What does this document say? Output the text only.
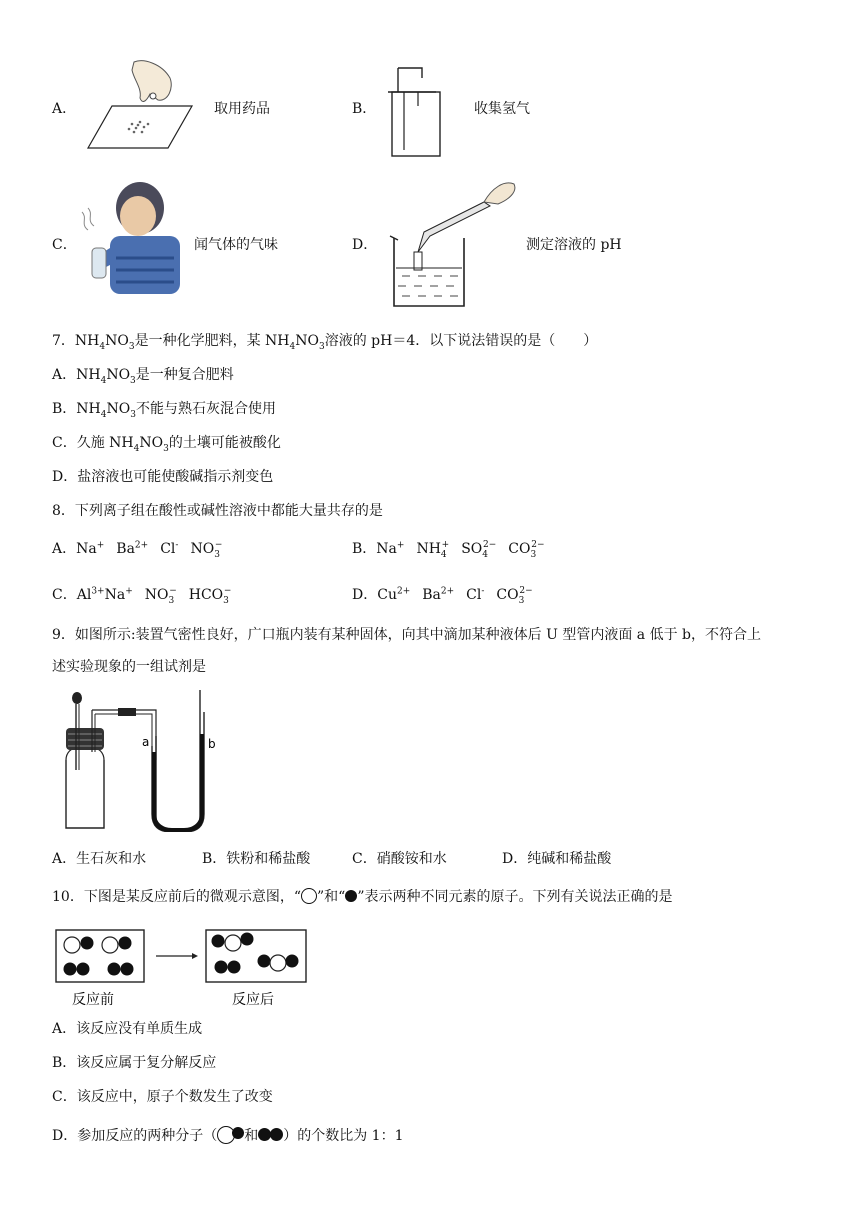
A．	取用药品	B．	收集氢气
C．	闻气体的气味	D．	测定溶液的 pH
7．$NH_4NO_3$是一种化学肥料，某 $NH_4NO_3$溶液的 pH＝4．以下说法错误的是（　　）
A．$NH_4NO_3$是一种复合肥料
B．$NH_4NO_3$不能与熟石灰混合使用
C．久施 $NH_4NO_3$的土壤可能被酸化
D．盐溶液也可能使酸碱指示剂变色
8．下列离子组在酸性或碱性溶液中都能大量共存的是
A．Na+ $Ba^{2+}$ Cl- $NO_3^-$	B．Na+ $NH_4^+$ $SO_4^{2-}$ $CO_3^{2-}$
C．$Al^{3+}Na^+$ $NO_3^-$ $HCO_3^-$	D．$Cu^{2+}$ $Ba^{2+}$ Cl- $CO_3^{2-}$
9．如图所示:装置气密性良好，广口瓶内装有某种固体，向其中滴加某种液体后 U 型管内液面 a 低于 b，不符合上
述实验现象的一组试剂是
a	b
A．生石灰和水	B．铁粉和稀盐酸	C．硝酸铵和水	D．纯碱和稀盐酸
10．下图是某反应前后的微观示意图，“ ”和“ ”表示两种不同元素的原子。下列有关说法正确的是
反应前	反应后
A．该反应没有单质生成
B．该反应属于复分解反应
C．该反应中，原子个数发生了改变
D．参加反应的两种分子（ 和 ）的个数比为 1：1
